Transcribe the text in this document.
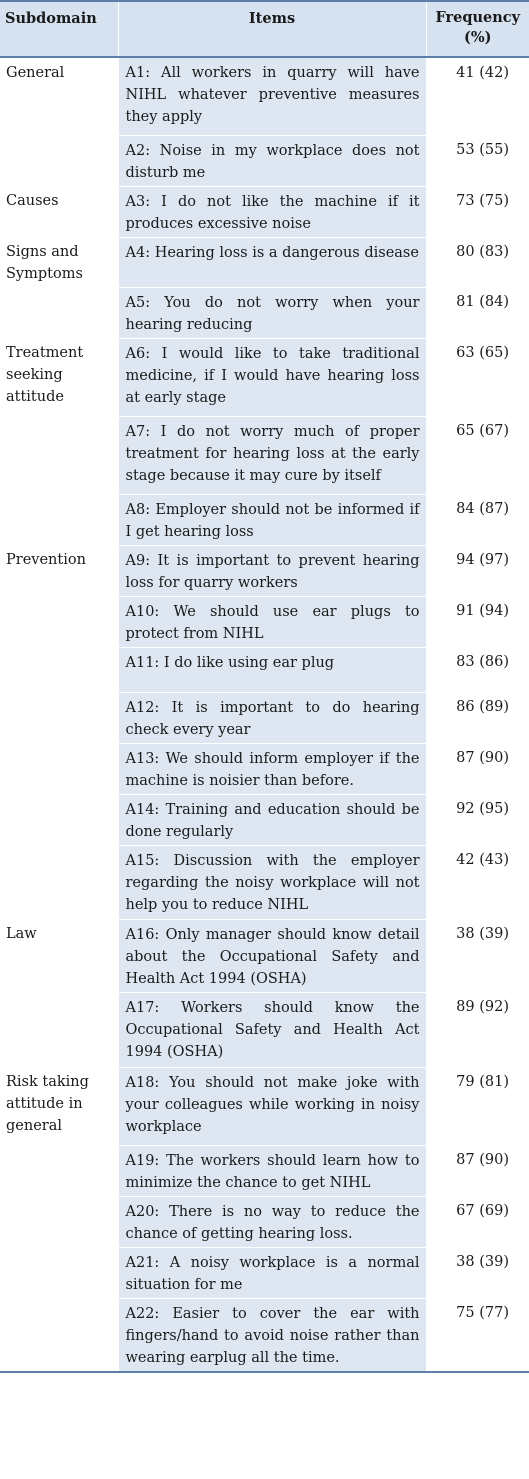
Subdomain	Items	Frequency (%)
General	A1: All workers in quarry will have NIHL whatever preventive measures they apply	41 (42)
	A2: Noise in my workplace does not disturb me	53 (55)
Causes	A3: I do not like the machine if it produces excessive noise	73 (75)
Signs and Symptoms	A4: Hearing loss is a dangerous disease	80 (83)
	A5: You do not worry when your hearing reducing	81 (84)
Treatment seeking attitude	A6: I would like to take traditional medicine, if I would have hearing loss at early stage	63 (65)
	A7: I do not worry much of proper treatment for hearing loss at the early stage because it may cure by itself	65 (67)
	A8: Employer should not be informed if I get hearing loss	84 (87)
Prevention	A9: It is important to prevent hearing loss for quarry workers	94 (97)
	A10: We should use ear plugs to protect from NIHL	91 (94)
	A11: I do like using ear plug	83 (86)
	A12: It is important to do hearing check every year	86 (89)
	A13: We should inform employer if the machine is noisier than before.	87 (90)
	A14: Training and education should be done regularly	92 (95)
	A15: Discussion with the employer regarding the noisy workplace will not help you to reduce NIHL	42 (43)
Law	A16: Only manager should know detail about the Occupational Safety and Health Act 1994 (OSHA)	38 (39)
	A17: Workers should know the Occupational Safety and Health Act 1994 (OSHA)	89 (92)
Risk taking attitude in general	A18: You should not make joke with your colleagues while working in noisy workplace	79 (81)
	A19: The workers should learn how to minimize the chance to get NIHL	87 (90)
	A20: There is no way to reduce the chance of getting hearing loss.	67 (69)
	A21: A noisy workplace is a normal situation for me	38 (39)
	A22: Easier to cover the ear with fingers/hand to avoid noise rather than wearing earplug all the time.	75 (77)
